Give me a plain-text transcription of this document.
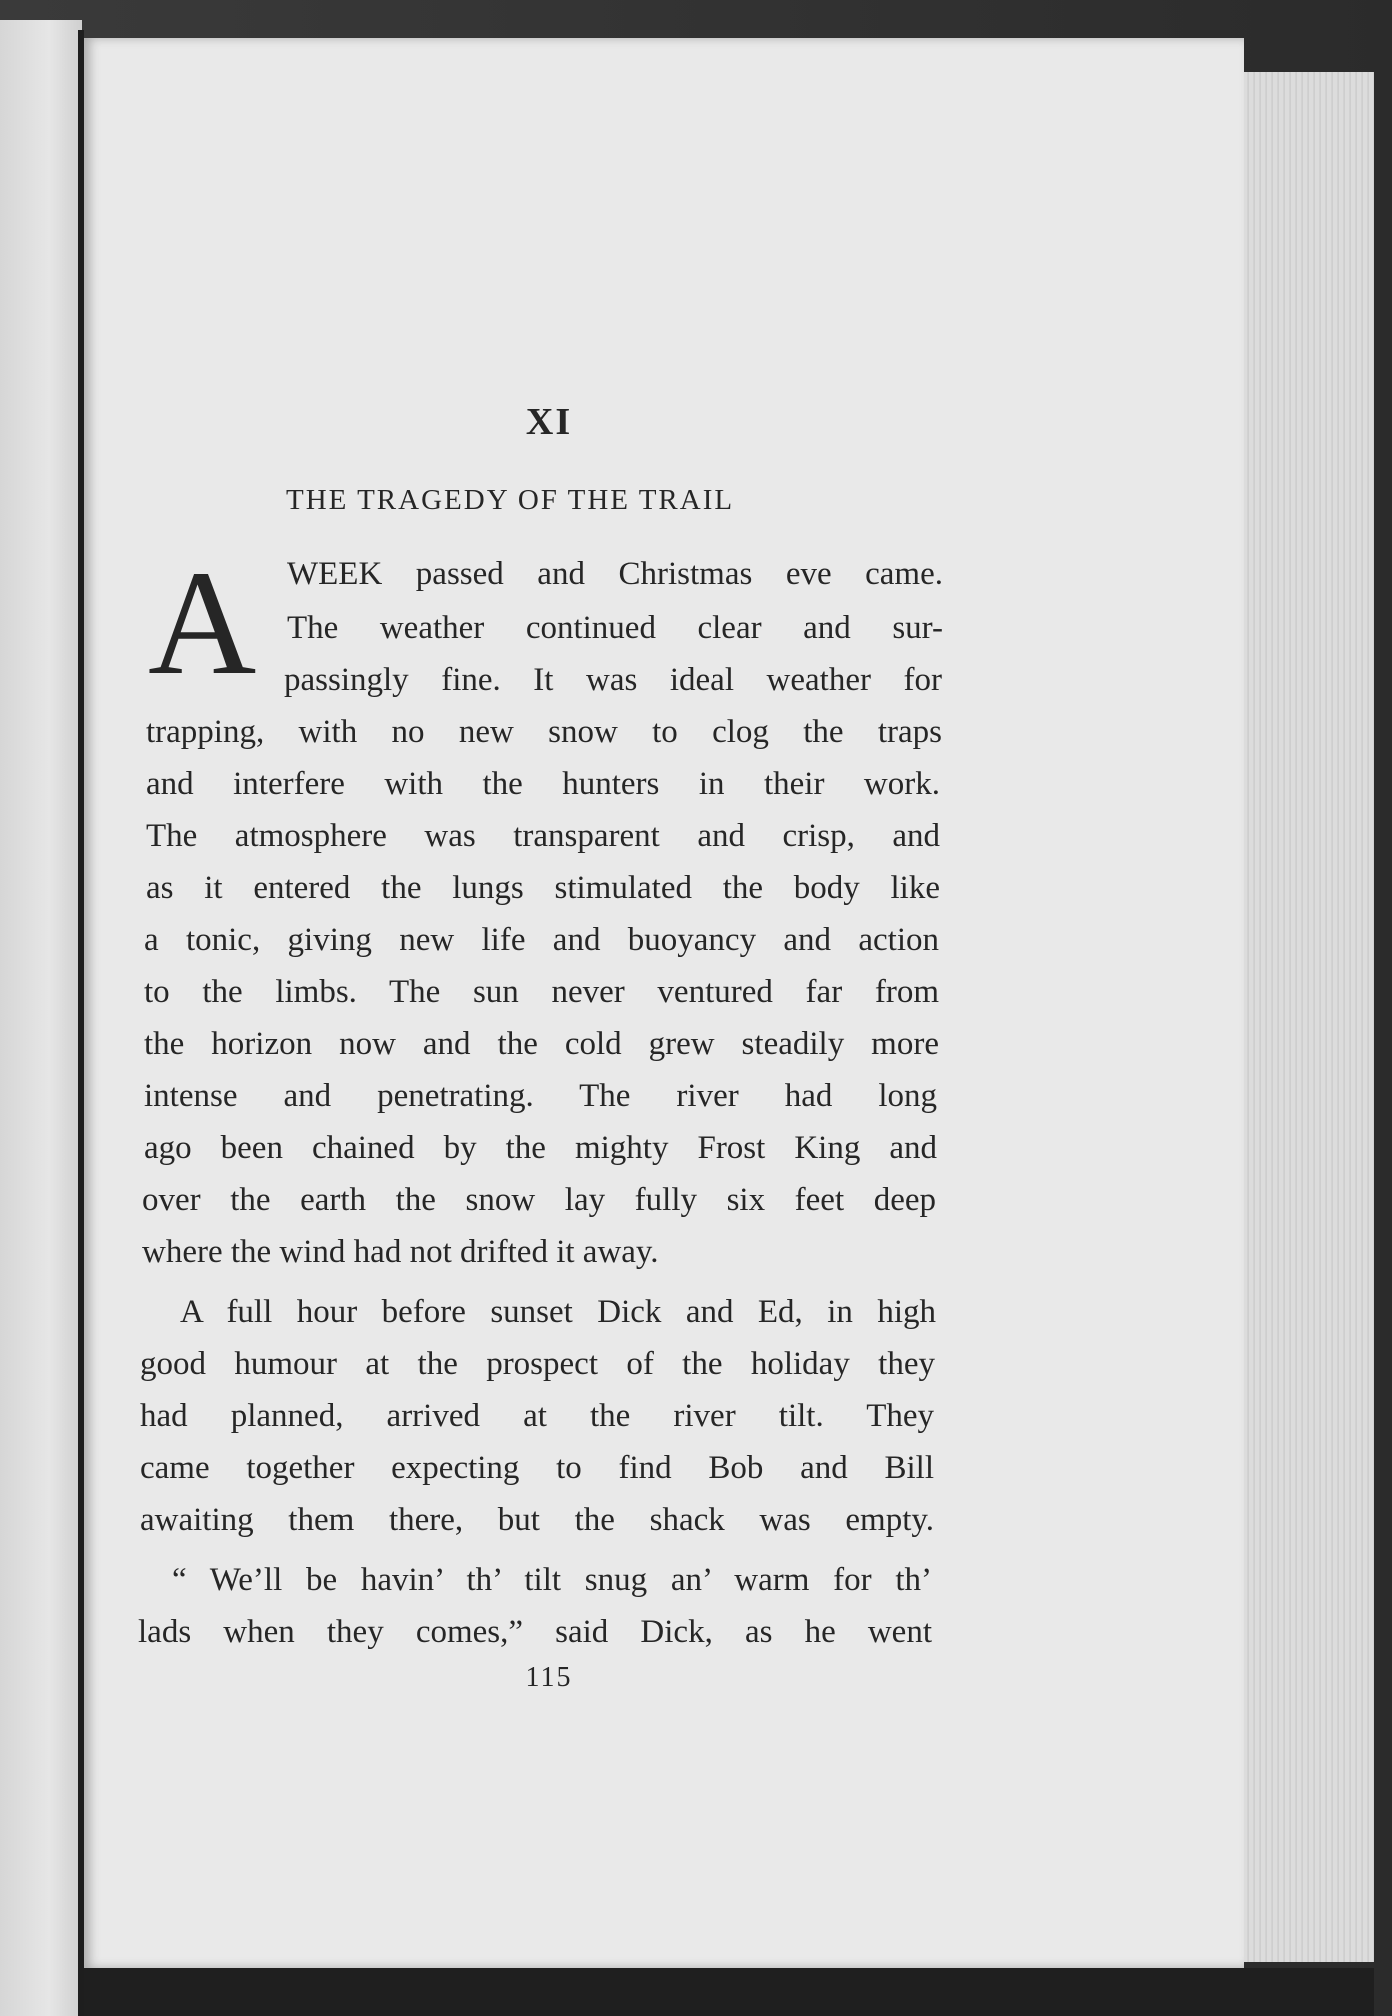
XI
THE TRAGEDY OF THE TRAIL
A WEEK passed and Christmas eve came.
The weather continued clear and sur-
passingly fine. It was ideal weather for
trapping, with no new snow to clog the traps
and interfere with the hunters in their work.
The atmosphere was transparent and crisp, and
as it entered the lungs stimulated the body like
a tonic, giving new life and buoyancy and action
to the limbs. The sun never ventured far from
the horizon now and the cold grew steadily more
intense and penetrating. The river had long
ago been chained by the mighty Frost King and
over the earth the snow lay fully six feet deep
where the wind had not drifted it away.
A full hour before sunset Dick and Ed, in high
good humour at the prospect of the holiday they
had planned, arrived at the river tilt. They
came together expecting to find Bob and Bill
awaiting them there, but the shack was empty.
“ We’ll be havin’ th’ tilt snug an’ warm for th’
lads when they comes,” said Dick, as he went
115
